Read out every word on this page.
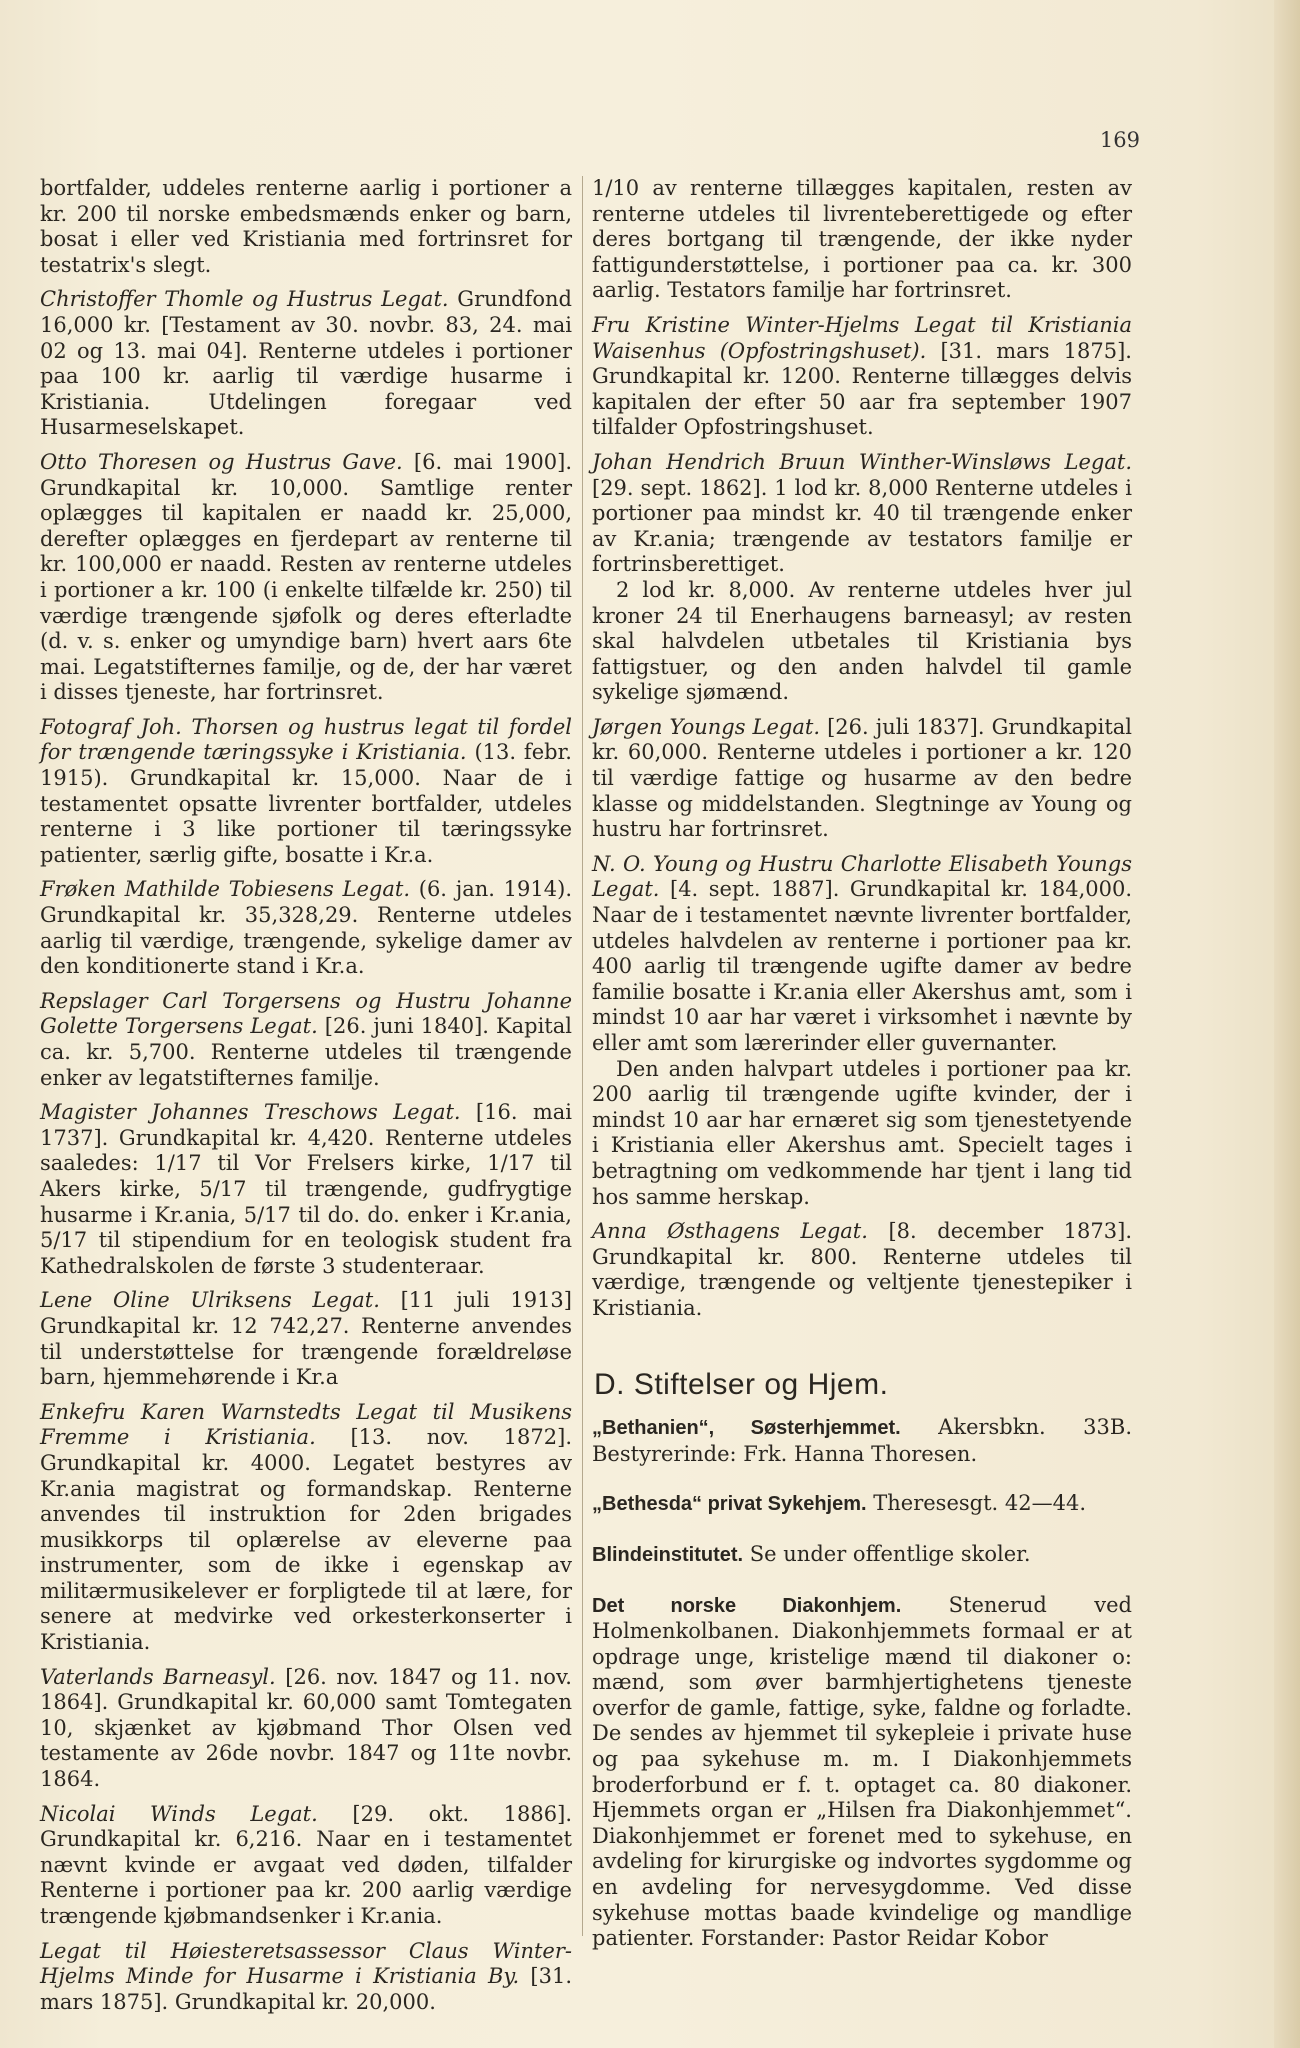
169
bortfalder, uddeles renterne aarlig i portioner a kr. 200 til norske embedsmænds enker og barn, bosat i eller ved Kristiania med fortrinsret for testatrix's slegt.
Christoffer Thomle og Hustrus Legat. Grundfond 16,000 kr. [Testament av 30. novbr. 83, 24. mai 02 og 13. mai 04]. Renterne utdeles i portioner paa 100 kr. aarlig til værdige husarme i Kristiania. Utdelingen foregaar ved Husarmeselskapet.
Otto Thoresen og Hustrus Gave. [6. mai 1900]. Grundkapital kr. 10,000. Samtlige renter oplægges til kapitalen er naadd kr. 25,000, derefter oplægges en fjerdepart av renterne til kr. 100,000 er naadd. Resten av renterne utdeles i portioner a kr. 100 (i enkelte tilfælde kr. 250) til værdige trængende sjøfolk og deres efterladte (d. v. s. enker og umyndige barn) hvert aars 6te mai. Legatstifternes familje, og de, der har været i disses tjeneste, har fortrinsret.
Fotograf Joh. Thorsen og hustrus legat til fordel for trængende tæringssyke i Kristiania. (13. febr. 1915). Grundkapital kr. 15,000. Naar de i testamentet opsatte livrenter bortfalder, utdeles renterne i 3 like portioner til tæringssyke patienter, særlig gifte, bosatte i Kr.a.
Frøken Mathilde Tobiesens Legat. (6. jan. 1914). Grundkapital kr. 35,328,29. Renterne utdeles aarlig til værdige, trængende, sykelige damer av den konditionerte stand i Kr.a.
Repslager Carl Torgersens og Hustru Johanne Golette Torgersens Legat. [26. juni 1840]. Kapital ca. kr. 5,700. Renterne utdeles til trængende enker av legatstifternes familje.
Magister Johannes Treschows Legat. [16. mai 1737]. Grundkapital kr. 4,420. Renterne utdeles saaledes: 1/17 til Vor Frelsers kirke, 1/17 til Akers kirke, 5/17 til trængende, gudfrygtige husarme i Kr.ania, 5/17 til do. do. enker i Kr.ania, 5/17 til stipendium for en teologisk student fra Kathedralskolen de første 3 studenteraar.
Lene Oline Ulriksens Legat. [11 juli 1913] Grundkapital kr. 12 742,27. Renterne anvendes til understøttelse for trængende forældreløse barn, hjemmehørende i Kr.a
Enkefru Karen Warnstedts Legat til Musikens Fremme i Kristiania. [13. nov. 1872]. Grundkapital kr. 4000. Legatet bestyres av Kr.ania magistrat og formandskap. Renterne anvendes til instruktion for 2den brigades musikkorps til oplærelse av eleverne paa instrumenter, som de ikke i egenskap av militærmusikelever er forpligtede til at lære, for senere at medvirke ved orkesterkonserter i Kristiania.
Vaterlands Barneasyl. [26. nov. 1847 og 11. nov. 1864]. Grundkapital kr. 60,000 samt Tomtegaten 10, skjænket av kjøbmand Thor Olsen ved testamente av 26de novbr. 1847 og 11te novbr. 1864.
Nicolai Winds Legat. [29. okt. 1886]. Grundkapital kr. 6,216. Naar en i testamentet nævnt kvinde er avgaat ved døden, tilfalder Renterne i portioner paa kr. 200 aarlig værdige trængende kjøbmandsenker i Kr.ania.
Legat til Høiesteretsassessor Claus Winter-Hjelms Minde for Husarme i Kristiania By. [31. mars 1875]. Grundkapital kr. 20,000.
1/10 av renterne tillægges kapitalen, resten av renterne utdeles til livrenteberettigede og efter deres bortgang til trængende, der ikke nyder fattigunderstøttelse, i portioner paa ca. kr. 300 aarlig. Testators familje har fortrinsret.
Fru Kristine Winter-Hjelms Legat til Kristiania Waisenhus (Opfostringshuset). [31. mars 1875]. Grundkapital kr. 1200. Renterne tillægges delvis kapitalen der efter 50 aar fra september 1907 tilfalder Opfostringshuset.
Johan Hendrich Bruun Winther-Winsløws Legat. [29. sept. 1862]. 1 lod kr. 8,000 Renterne utdeles i portioner paa mindst kr. 40 til trængende enker av Kr.ania; trængende av testators familje er fortrinsberettiget.
2 lod kr. 8,000. Av renterne utdeles hver jul kroner 24 til Enerhaugens barneasyl; av resten skal halvdelen utbetales til Kristiania bys fattigstuer, og den anden halvdel til gamle sykelige sjømænd.
Jørgen Youngs Legat. [26. juli 1837]. Grundkapital kr. 60,000. Renterne utdeles i portioner a kr. 120 til værdige fattige og husarme av den bedre klasse og middelstanden. Slegtninge av Young og hustru har fortrinsret.
N. O. Young og Hustru Charlotte Elisabeth Youngs Legat. [4. sept. 1887]. Grundkapital kr. 184,000. Naar de i testamentet nævnte livrenter bortfalder, utdeles halvdelen av renterne i portioner paa kr. 400 aarlig til trængende ugifte damer av bedre familie bosatte i Kr.ania eller Akershus amt, som i mindst 10 aar har været i virksomhet i nævnte by eller amt som lærerinder eller guvernanter.
Den anden halvpart utdeles i portioner paa kr. 200 aarlig til trængende ugifte kvinder, der i mindst 10 aar har ernæret sig som tjenestetyende i Kristiania eller Akershus amt. Specielt tages i betragtning om vedkommende har tjent i lang tid hos samme herskap.
Anna Østhagens Legat. [8. december 1873]. Grundkapital kr. 800. Renterne utdeles til værdige, trængende og veltjente tjenestepiker i Kristiania.
D. Stiftelser og Hjem.
„Bethanien“, Søsterhjemmet. Akersbkn. 33B. Bestyrerinde: Frk. Hanna Thoresen.
„Bethesda“ privat Sykehjem. Theresesgt. 42—44.
Blindeinstitutet. Se under offentlige skoler.
Det norske Diakonhjem. Stenerud ved Holmenkolbanen. Diakonhjemmets formaal er at opdrage unge, kristelige mænd til diakoner o: mænd, som øver barmhjertighetens tjeneste overfor de gamle, fattige, syke, faldne og forladte. De sendes av hjemmet til sykepleie i private huse og paa sykehuse m. m. I Diakonhjemmets broderforbund er f. t. optaget ca. 80 diakoner. Hjemmets organ er „Hilsen fra Diakonhjemmet“. Diakonhjemmet er forenet med to sykehuse, en avdeling for kirurgiske og indvortes sygdomme og en avdeling for nervesygdomme. Ved disse sykehuse mottas baade kvindelige og mandlige patienter. Forstander: Pastor Reidar Kobor
